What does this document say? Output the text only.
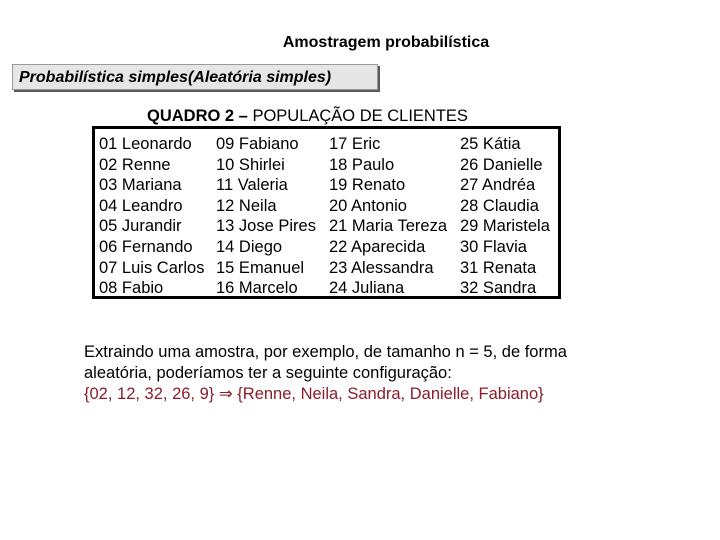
Amostragem probabilística
Probabilística simples(Aleatória simples)
QUADRO 2 – POPULAÇÃO DE CLIENTES
01 Leonardo	09 Fabiano	17 Eric	25 Kátia
02 Renne	10 Shirlei	18 Paulo	26 Danielle
03 Mariana	11 Valeria	19 Renato	27 Andréa
04 Leandro	12 Neila	20 Antonio	28 Claudia
05 Jurandir	13 Jose Pires 21 Maria Tereza 29 Maristela
06 Fernando	14 Diego	22 Aparecida	30 Flavia
07 Luis Carlos 15 Emanuel	23 Alessandra	31 Renata
08 Fabio	16 Marcelo	24 Juliana	32 Sandra
Extraindo uma amostra, por exemplo, de tamanho n = 5, de forma
aleatória, poderíamos ter a seguinte configuração:
{02, 12, 32, 26, 9} ⇒ {Renne, Neila, Sandra, Danielle, Fabiano}
